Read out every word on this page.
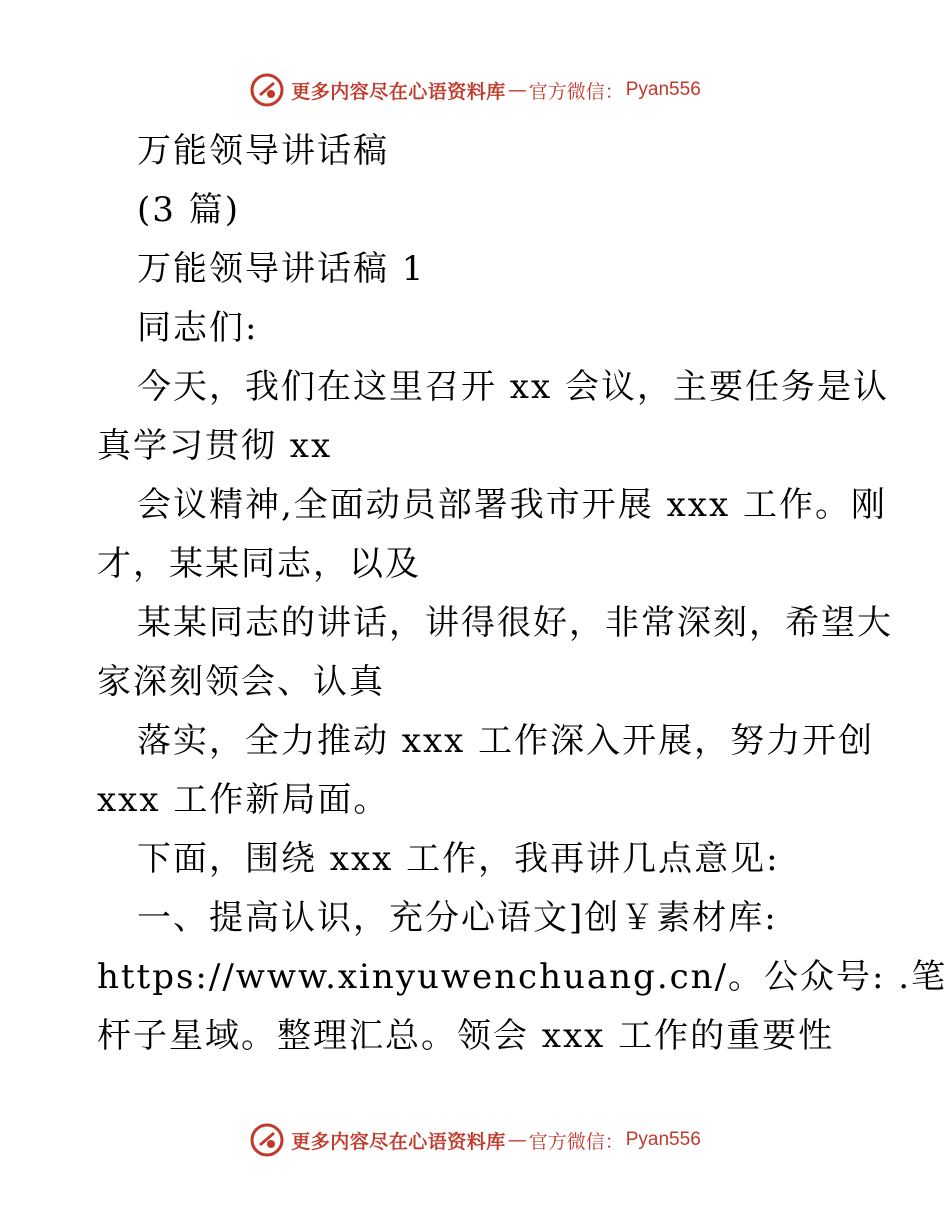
更多内容尽在心语资料库 — 官方微信： Pyan556
万能领导讲话稿
(3 篇)
万能领导讲话稿 1
同志们:
今天，我们在这里召开 xx 会议，主要任务是认
真学习贯彻 xx
会议精神,全面动员部署我市开展 xxx 工作。刚
才，某某同志，以及
某某同志的讲话，讲得很好，非常深刻，希望大
家深刻领会、认真
落实，全力推动 xxx 工作深入开展，努力开创
xxx 工作新局面。
下面，围绕 xxx 工作，我再讲几点意见:
一、提高认识，充分心语文]创￥素材库:
https://www.xinyuwenchuang.cn/。公众号: .笔
杆子星域。整理汇总。领会 xxx 工作的重要性
更多内容尽在心语资料库 — 官方微信： Pyan556
